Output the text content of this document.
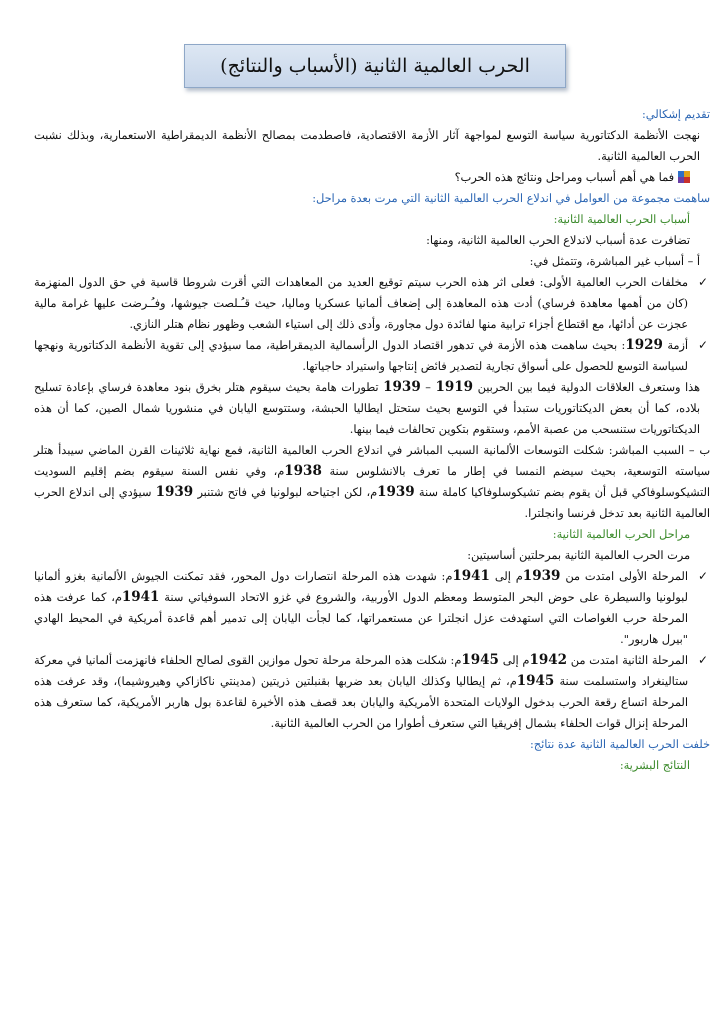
الحرب العالمية الثانية (الأسباب والنتائج)

تقديم إشكالي:

نهجت الأنظمة الدكتاتورية سياسة التوسع لمواجهة آثار الأزمة الاقتصادية، فاصطدمت بمصالح الأنظمة الديمقراطية الاستعمارية، وبذلك نشبت الحرب العالمية الثانية.

فما هي أهم أسباب ومراحل ونتائج هذه الحرب؟

ساهمت مجموعة من العوامل في اندلاع الحرب العالمية الثانية التي مرت بعدة مراحل:

أسباب الحرب العالمية الثانية:

تضافرت عدة أسباب لاندلاع الحرب العالمية الثانية، ومنها:

أ – أسباب غير المباشرة، وتتمثل في:

✓
مخلفات الحرب العالمية الأولى: فعلى اثر هذه الحرب سيتم توقيع العديد من المعاهدات التي أقرت شروطا قاسية في حق الدول المنهزمة (كان من أهمها معاهدة فرساي) أدت هذه المعاهدة إلى إضعاف ألمانيا عسكريا وماليا، حيث قـُـلصت جيوشها، وفـُـرضت عليها غرامة مالية عجزت عن أدائها، مع اقتطاع أجزاء ترابية منها لفائدة دول مجاورة، وأدى ذلك إلى استياء الشعب وظهور نظام هتلر النازي.
✓
أزمة 1929: بحيث ساهمت هذه الأزمة في تدهور اقتصاد الدول الرأسمالية الديمقراطية، مما سيؤدي إلى تقوية الأنظمة الدكتاتورية ونهجها لسياسة التوسع للحصول على أسواق تجارية لتصدير فائض إنتاجها واستيراد حاجياتها.

هذا وستعرف العلاقات الدولية فيما بين الحربين 1919 – 1939 تطورات هامة بحيث سيقوم هتلر بخرق بنود معاهدة فرساي بإعادة تسليح بلاده، كما أن بعض الديكتاتوريات ستبدأ في التوسع بحيث ستحتل ايطاليا الحبشة، وستتوسع اليابان في منشوريا شمال الصين، كما أن هذه الديكتاتوريات ستنسحب من عصبة الأمم، وستقوم بتكوين تحالفات فيما بينها.

ب – السبب المباشر: شكلت التوسعات الألمانية السبب المباشر في اندلاع الحرب العالمية الثانية، فمع نهاية ثلاثينات القرن الماضي سيبدأ هتلر سياسته التوسعية، بحيث سيضم النمسا في إطار ما تعرف بالانشلوس سنة 1938م، وفي نفس السنة سيقوم بضم إقليم السوديت التشيكوسلوفاكي قبل أن يقوم بضم تشيكوسلوفاكيا كاملة سنة 1939م، لكن اجتياحه لبولونيا في فاتح شتنبر 1939 سيؤدي إلى اندلاع الحرب العالمية الثانية بعد تدخل فرنسا وانجلترا.

مراحل الحرب العالمية الثانية:

مرت الحرب العالمية الثانية بمرحلتين أساسيتين:

✓
المرحلة الأولى امتدت من 1939م إلى 1941م: شهدت هذه المرحلة انتصارات دول المحور، فقد تمكنت الجيوش الألمانية بغزو ألمانيا لبولونيا والسيطرة على حوض البحر المتوسط ومعظم الدول الأوربية، والشروع في غزو الاتحاد السوفياتي سنة 1941م، كما عرفت هذه المرحلة حرب الغواصات التي استهدفت عزل انجلترا عن مستعمراتها، كما لجأت اليابان إلى تدمير أهم قاعدة أمريكية في المحيط الهادي "بيرل هاربور".
✓
المرحلة الثانية امتدت من 1942م إلى 1945م: شكلت هذه المرحلة مرحلة تحول موازين القوى لصالح الحلفاء فانهزمت ألمانيا في معركة ستالينغراد واستسلمت سنة 1945م، ثم إيطاليا وكذلك اليابان بعد ضربها بقنبلتين ذريتين (مدينتي ناكازاكي وهيروشيما)، وقد عرفت هذه المرحلة اتساع رقعة الحرب بدخول الولايات المتحدة الأمريكية واليابان بعد قصف هذه الأخيرة لقاعدة بول هاربر الأمريكية، كما ستعرف هذه المرحلة إنزال قوات الحلفاء بشمال إفريقيا التي ستعرف أطوارا من الحرب العالمية الثانية.

خلفت الحرب العالمية الثانية عدة نتائج:

النتائج البشرية:
